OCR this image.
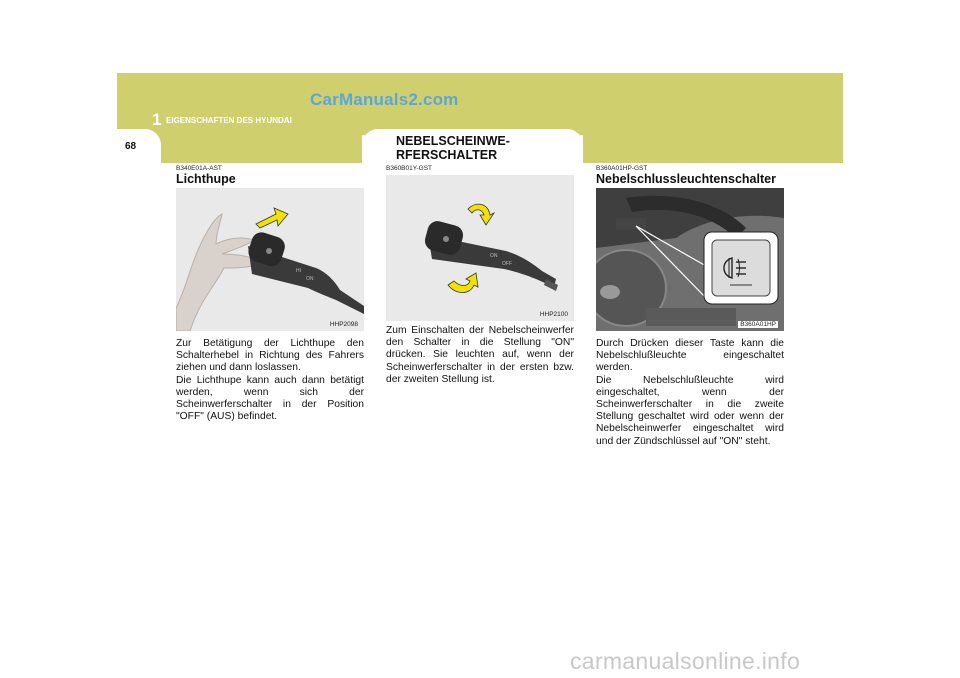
CarManuals2.com
1 EIGENSCHAFTEN DES HYUNDAI
68	NEBELSCHEINWE-
RFERSCHALTER
B340E01A-AST
Lichthupe
HI
ON
HHP2098
Zur Betätigung der Lichthupe den Schalterhebel in Richtung des Fahrers ziehen und dann loslassen.
Die Lichthupe kann auch dann betätigt werden, wenn sich der Scheinwerferschalter in der Position "OFF" (AUS) befindet.
B360B01Y-GST
ON
OFF
HHP2100
Zum Einschalten der Nebelscheinwerfer den Schalter in die Stellung "ON" drücken. Sie leuchten auf, wenn der Scheinwerferschalter in der ersten bzw. der zweiten Stellung ist.
B360A01HP-GST
Nebelschlussleuchtenschalter
B360A01HP
Durch Drücken dieser Taste kann die Nebelschlußleuchte eingeschaltet werden.
Die Nebelschlußleuchte wird eingeschaltet, wenn der Scheinwerferschalter in die zweite Stellung geschaltet wird oder wenn der Nebelscheinwerfer eingeschaltet wird und der Zündschlüssel auf "ON" steht.
carmanualsonline.info
